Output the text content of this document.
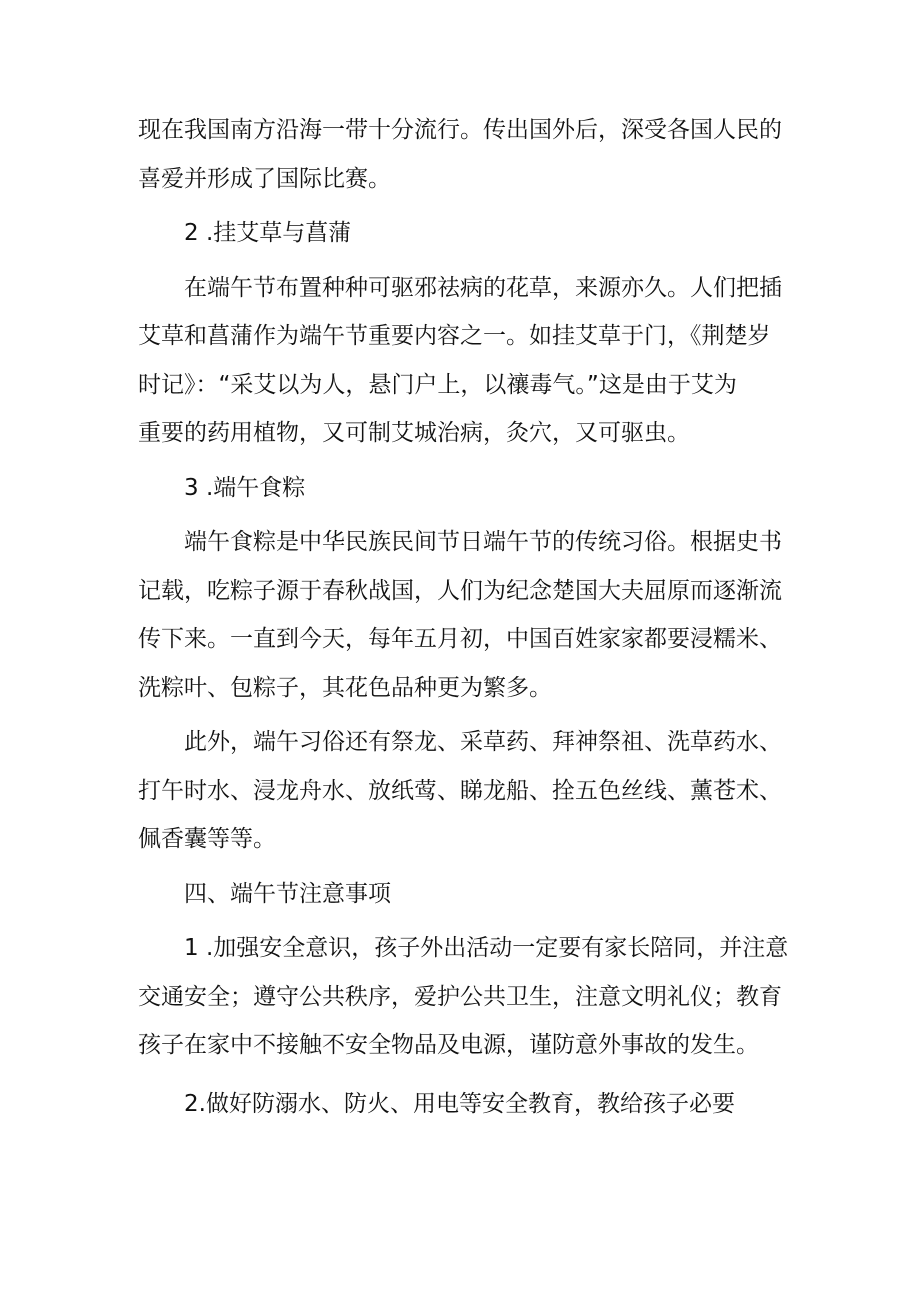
现在我国南方沿海一带十分流行。传出国外后，深受各国人民的
喜爱并形成了国际比赛。

2 .挂艾草与菖蒲

在端午节布置种种可驱邪祛病的花草，来源亦久。人们把插
艾草和菖蒲作为端午节重要内容之一。如挂艾草于门，《荆楚岁
时记》：“采艾以为人，悬门户上，以禳毒气。”这是由于艾为
重要的药用植物，又可制艾城治病，灸穴，又可驱虫。

3 .端午食粽

端午食粽是中华民族民间节日端午节的传统习俗。根据史书
记载，吃粽子源于春秋战国，人们为纪念楚国大夫屈原而逐渐流
传下来。一直到今天，每年五月初，中国百姓家家都要浸糯米、
洗粽叶、包粽子，其花色品种更为繁多。

此外，端午习俗还有祭龙、采草药、拜神祭祖、洗草药水、
打午时水、浸龙舟水、放纸莺、睇龙船、拴五色丝线、薰苍术、
佩香囊等等。

四、端午节注意事项

1 .加强安全意识，孩子外出活动一定要有家长陪同，并注意
交通安全；遵守公共秩序，爱护公共卫生，注意文明礼仪；教育
孩子在家中不接触不安全物品及电源，谨防意外事故的发生。

2.做好防溺水、防火、用电等安全教育，教给孩子必要
